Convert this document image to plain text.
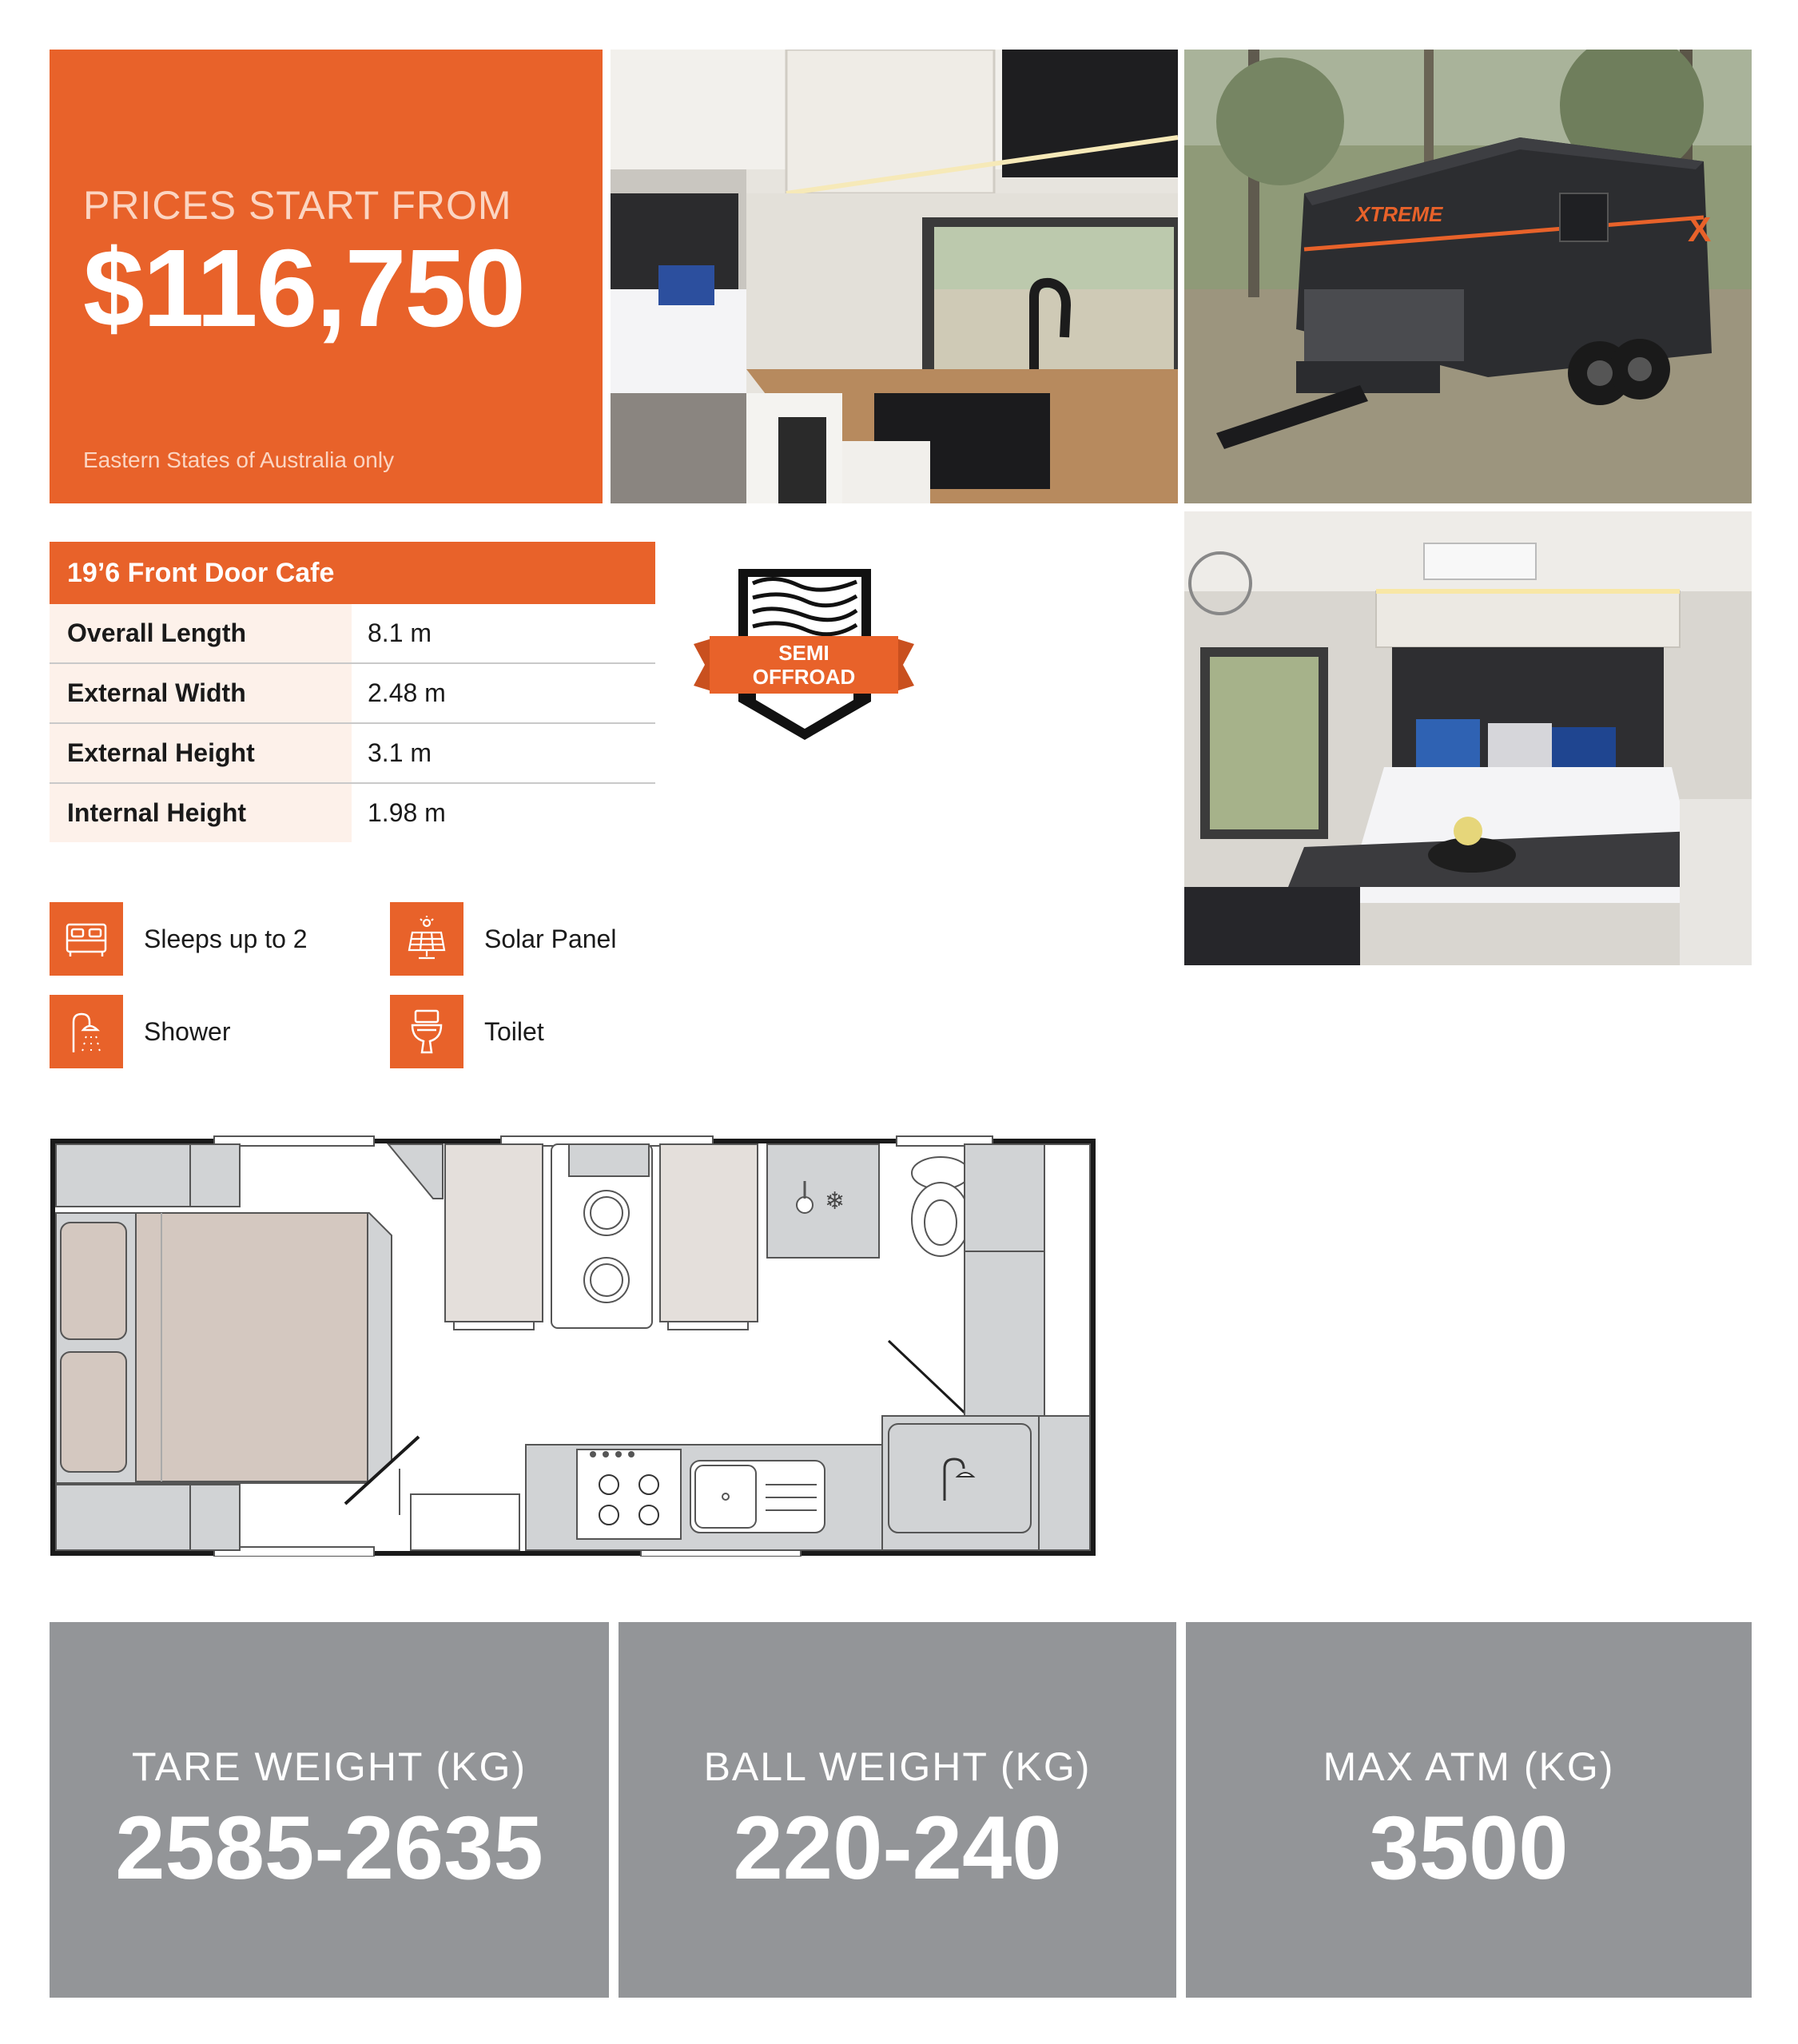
PRICES START FROM
$116,750
Eastern States of Australia only
XTREME	X
19’6 Front Door Cafe
Overall Length	8.1 m
External Width	2.48 m
External Height	3.1 m
Internal Height	1.98 m
SEMI
OFFROAD
Sleeps up to 2	Solar Panel
Shower	Toilet
❄
TARE WEIGHT (KG)
2585-2635
BALL WEIGHT (KG)
220-240
MAX ATM (KG)
3500
